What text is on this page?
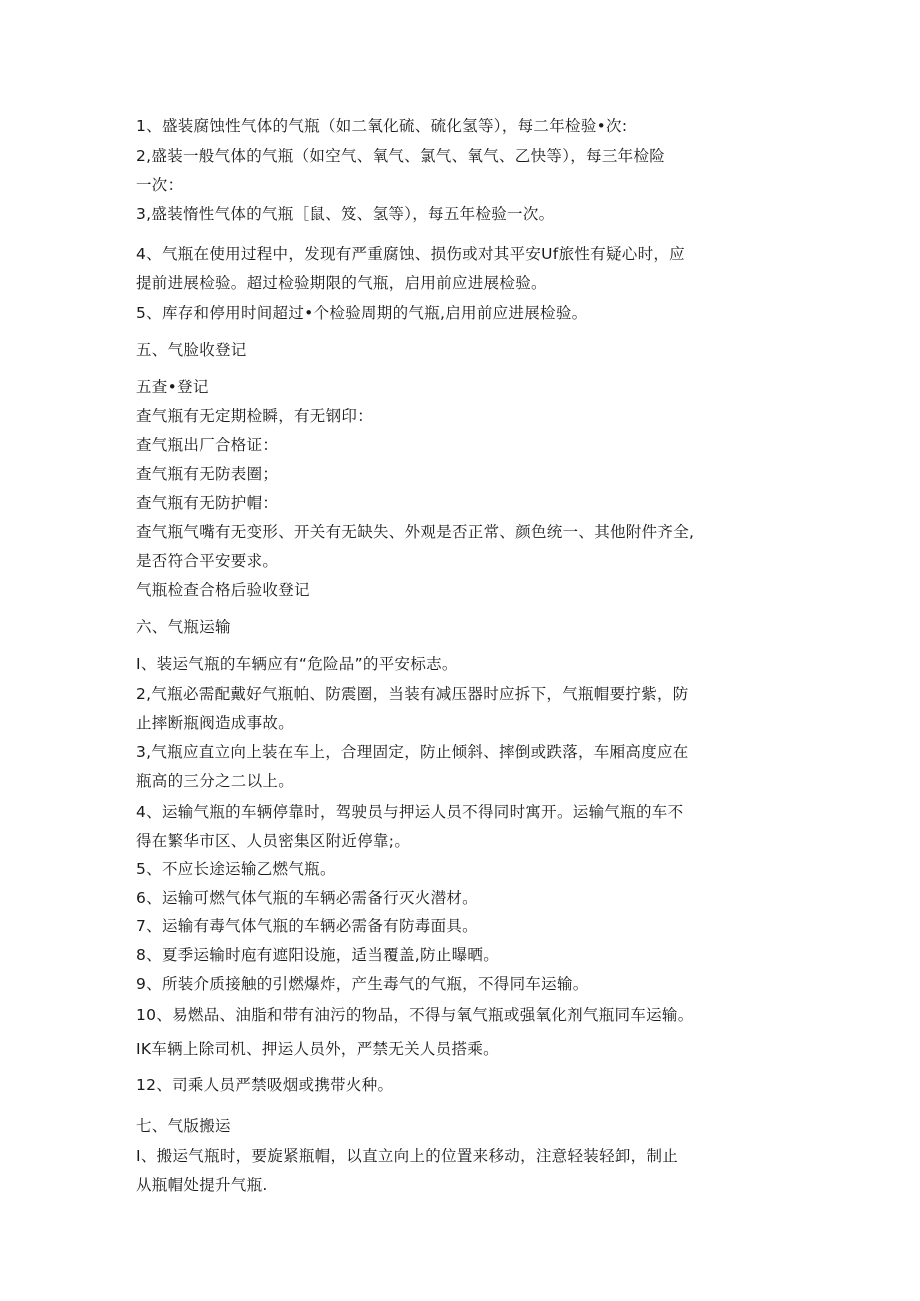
1、盛装腐蚀性气体的气瓶（如二氧化硫、硫化氢等），每二年检验•次:
2,盛装一般气体的气瓶（如空气、氧气、氯气、氧气、乙快等），每三年检险
一次：
3,盛装惰性气体的气瓶［鼠、笈、氢等），每五年检验一次。
4、气瓶在使用过程中，发现有严重腐蚀、损伤或对其平安Uf旅性有疑心时，应
提前进展检验。超过检验期限的气瓶，启用前应进展检验。
5、库存和停用时间超过•个检验周期的气瓶,启用前应进展检验。
五、气脸收登记
五查•登记
查气瓶有无定期检瞬，有无钢印：
查气瓶出厂合格证：
查气瓶有无防表圈；
查气瓶有无防护帽：
查气瓶气嘴有无变形、开关有无缺失、外观是否正常、颜色统一、其他附件齐全,
是否符合平安要求。
气瓶检查合格后验收登记
六、气瓶运输
I、装运气瓶的车辆应有“危险品”的平安标志。
2,气瓶必需配戴好气瓶帕、防震圈，当装有减压器时应拆下，气瓶帽要拧紫，防
止摔断瓶阀造成事故。
3,气瓶应直立向上装在车上，合理固定，防止倾斜、摔倒或跌落，车厢高度应在
瓶高的三分之二以上。
4、运输气瓶的车辆停靠时，驾驶员与押运人员不得同时寓开。运输气瓶的车不
得在繁华市区、人员密集区附近停靠;。
5、不应长途运输乙燃气瓶。
6、运输可燃气体气瓶的车辆必需备行灭火潜材。
7、运输有毒气体气瓶的车辆必需备有防毒面具。
8、夏季运输时庖有遮阳设施，适当覆盖,防止曝晒。
9、所装介质接触的引燃爆炸，产生毒气的气瓶，不得同车运输。
10、易燃品、油脂和带有油污的物品，不得与氧气瓶或强氧化剂气瓶同车运输。
IK车辆上除司机、押运人员外，严禁无关人员搭乘。
12、司乘人员严禁吸烟或携带火种。
七、气版搬运
I、搬运气瓶时，要旋紧瓶帽，以直立向上的位置来移动，注意轻装轻卸，制止
从瓶帽处提升气瓶.
